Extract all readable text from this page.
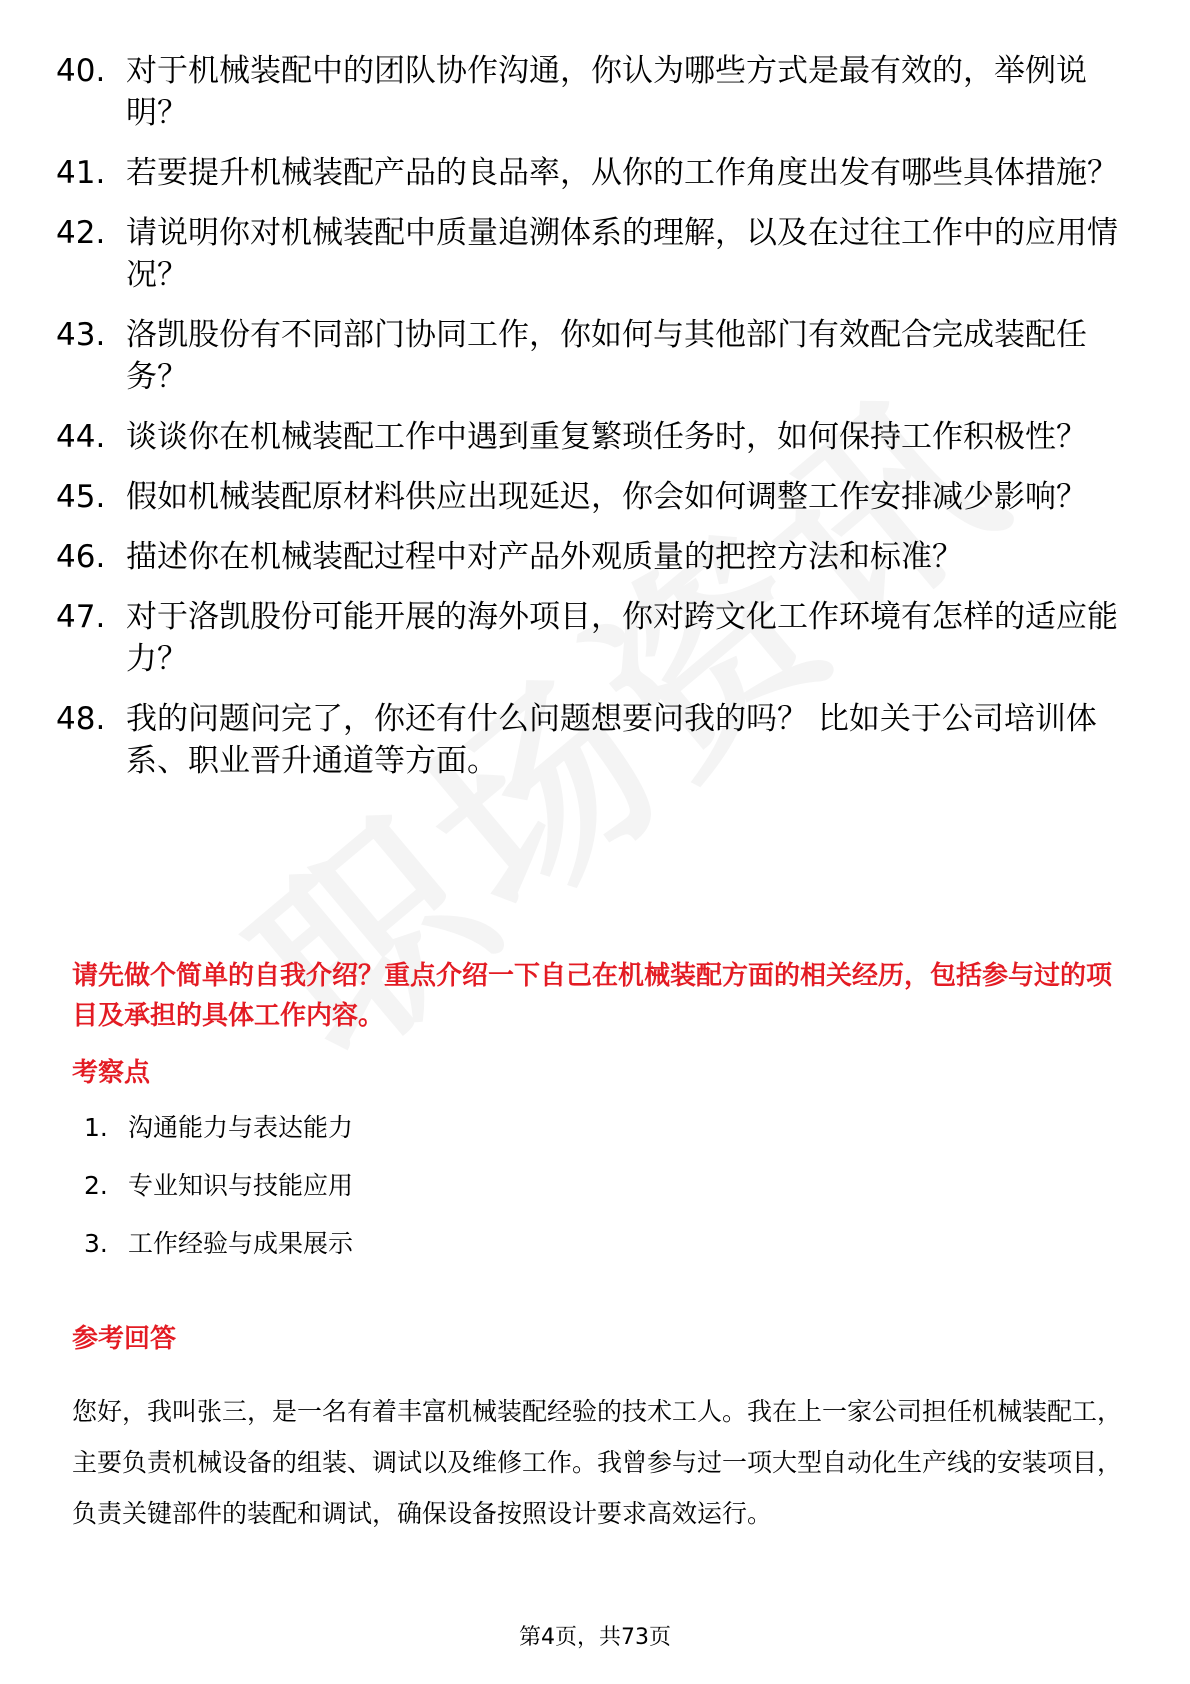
40. 对于机械装配中的团队协作沟通，你认为哪些方式是最有效的，举例说明？
41. 若要提升机械装配产品的良品率，从你的工作角度出发有哪些具体措施？
42. 请说明你对机械装配中质量追溯体系的理解，以及在过往工作中的应用情况？
43. 洛凯股份有不同部门协同工作，你如何与其他部门有效配合完成装配任务？
44. 谈谈你在机械装配工作中遇到重复繁琐任务时，如何保持工作积极性？
45. 假如机械装配原材料供应出现延迟，你会如何调整工作安排减少影响？
46. 描述你在机械装配过程中对产品外观质量的把控方法和标准？
47. 对于洛凯股份可能开展的海外项目，你对跨文化工作环境有怎样的适应能力？
48. 我的问题问完了，你还有什么问题想要问我的吗？ 比如关于公司培训体系、职业晋升通道等方面。
请先做个简单的自我介绍？重点介绍一下自己在机械装配方面的相关经历，包括参与过的项目及承担的具体工作内容。
考察点
1. 沟通能力与表达能力
2. 专业知识与技能应用
3. 工作经验与成果展示
参考回答
您好，我叫张三，是一名有着丰富机械装配经验的技术工人。我在上一家公司担任机械装配工，主要负责机械设备的组装、调试以及维修工作。我曾参与过一项大型自动化生产线的安装项目，负责关键部件的装配和调试，确保设备按照设计要求高效运行。
第4页，共73页
